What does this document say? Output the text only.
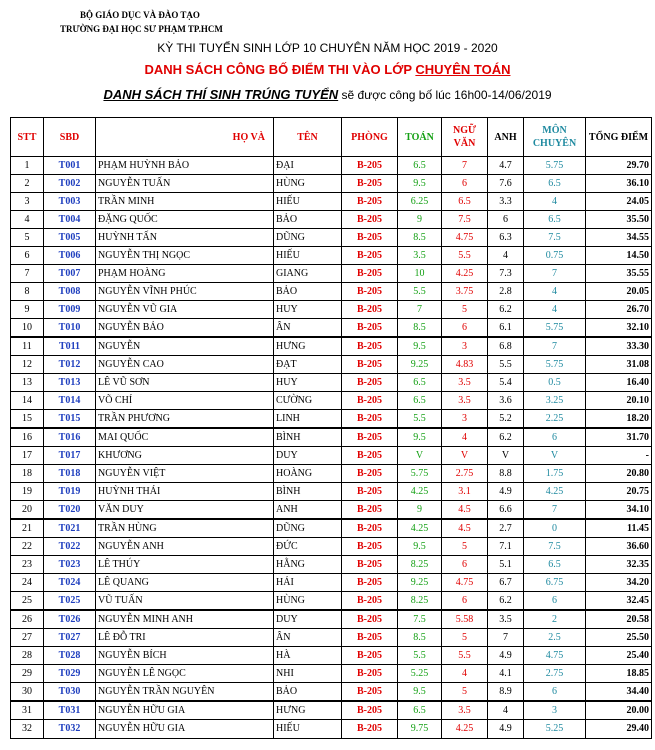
BỘ GIÁO DỤC VÀ ĐÀO TẠO
TRƯỜNG ĐẠI HỌC SƯ PHẠM TP.HCM
KỲ THI TUYỂN SINH LỚP 10 CHUYÊN NĂM HỌC 2019 - 2020
DANH SÁCH CÔNG BỐ ĐIỂM THI VÀO LỚP CHUYÊN TOÁN
DANH SÁCH THÍ SINH TRÚNG TUYỂN sẽ được công bố lúc 16h00-14/06/2019
STT	SBD	HỌ VÀ	TÊN	PHÒNG	TOÁN	NGỮ VĂN	ANH	MÔN CHUYÊN	TỔNG ĐIỂM
1	T001	PHẠM HUỲNH BẢO	ĐẠI	B-205	6.5	7	4.7	5.75	29.70
2	T002	NGUYỄN TUẤN	HÙNG	B-205	9.5	6	7.6	6.5	36.10
3	T003	TRẦN MINH	HIẾU	B-205	6.25	6.5	3.3	4	24.05
4	T004	ĐẶNG QUỐC	BẢO	B-205	9	7.5	6	6.5	35.50
5	T005	HUỲNH TẤN	DŨNG	B-205	8.5	4.75	6.3	7.5	34.55
6	T006	NGUYỄN THỊ NGỌC	HIẾU	B-205	3.5	5.5	4	0.75	14.50
7	T007	PHẠM HOÀNG	GIANG	B-205	10	4.25	7.3	7	35.55
8	T008	NGUYỄN VĨNH PHÚC	BẢO	B-205	5.5	3.75	2.8	4	20.05
9	T009	NGUYỄN VŨ GIA	HUY	B-205	7	5	6.2	4	26.70
10	T010	NGUYỄN BẢO	ÂN	B-205	8.5	6	6.1	5.75	32.10
11	T011	NGUYỄN	HƯNG	B-205	9.5	3	6.8	7	33.30
12	T012	NGUYỄN CAO	ĐẠT	B-205	9.25	4.83	5.5	5.75	31.08
13	T013	LÊ VŨ SƠN	HUY	B-205	6.5	3.5	5.4	0.5	16.40
14	T014	VÕ CHÍ	CƯỜNG	B-205	6.5	3.5	3.6	3.25	20.10
15	T015	TRẦN PHƯƠNG	LINH	B-205	5.5	3	5.2	2.25	18.20
16	T016	MAI QUỐC	BÌNH	B-205	9.5	4	6.2	6	31.70
17	T017	KHƯƠNG	DUY	B-205	V	V	V	V	-
18	T018	NGUYỄN VIỆT	HOÀNG	B-205	5.75	2.75	8.8	1.75	20.80
19	T019	HUỲNH THÁI	BÌNH	B-205	4.25	3.1	4.9	4.25	20.75
20	T020	VĂN DUY	ANH	B-205	9	4.5	6.6	7	34.10
21	T021	TRẦN HÙNG	DŨNG	B-205	4.25	4.5	2.7	0	11.45
22	T022	NGUYỄN ANH	ĐỨC	B-205	9.5	5	7.1	7.5	36.60
23	T023	LÊ THÚY	HẰNG	B-205	8.25	6	5.1	6.5	32.35
24	T024	LÊ QUANG	HẢI	B-205	9.25	4.75	6.7	6.75	34.20
25	T025	VŨ TUẤN	HÙNG	B-205	8.25	6	6.2	6	32.45
26	T026	NGUYỄN MINH ANH	DUY	B-205	7.5	5.58	3.5	2	20.58
27	T027	LÊ ĐỖ TRI	ÂN	B-205	8.5	5	7	2.5	25.50
28	T028	NGUYỄN BÍCH	HÀ	B-205	5.5	5.5	4.9	4.75	25.40
29	T029	NGUYỄN LÊ NGỌC	NHI	B-205	5.25	4	4.1	2.75	18.85
30	T030	NGUYỄN TRẦN NGUYÊN	BẢO	B-205	9.5	5	8.9	6	34.40
31	T031	NGUYỄN HỮU GIA	HƯNG	B-205	6.5	3.5	4	3	20.00
32	T032	NGUYỄN HỮU GIA	HIẾU	B-205	9.75	4.25	4.9	5.25	29.40
